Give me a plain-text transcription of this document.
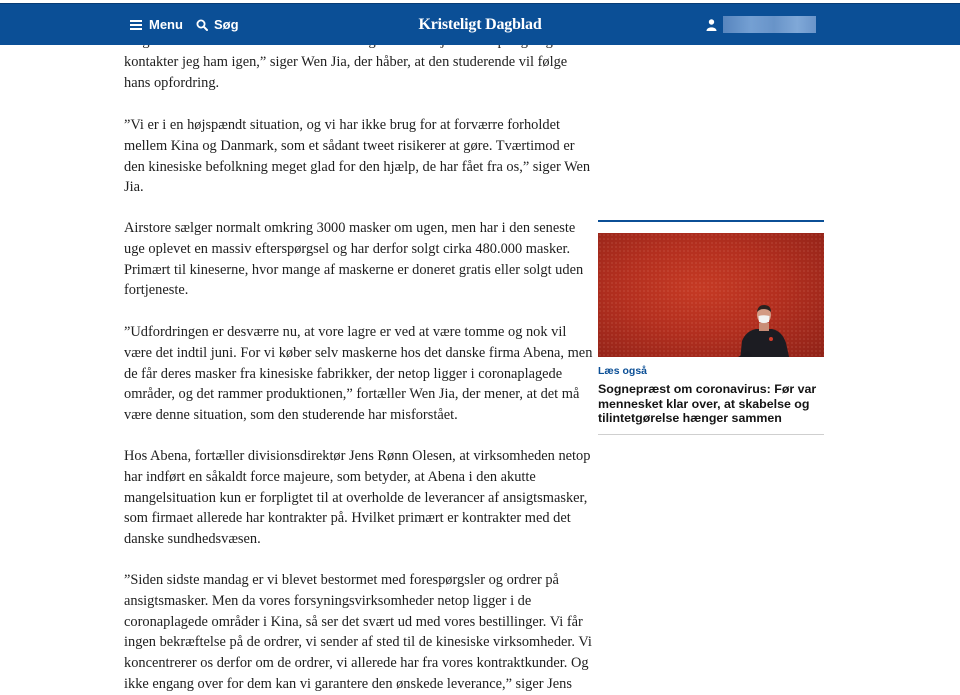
Menu Søg	Kristeligt Dagblad

kontakter jeg ham igen,” siger Wen Jia, der håber, at den studerende vil følge hans opfordring.

”Vi er i en højspændt situation, og vi har ikke brug for at forværre forholdet mellem Kina og Danmark, som et sådant tweet risikerer at gøre. Tværtimod er den kinesiske befolkning meget glad for den hjælp, de har fået fra os,” siger Wen Jia.

Airstore sælger normalt omkring 3000 masker om ugen, men har i den seneste uge oplevet en massiv efterspørgsel og har derfor solgt cirka 480.000 masker. Primært til kineserne, hvor mange af maskerne er doneret gratis eller solgt uden fortjeneste.

”Udfordringen er desværre nu, at vore lagre er ved at være tomme og nok vil være det indtil juni. For vi køber selv maskerne hos det danske firma Abena, men de får deres masker fra kinesiske fabrikker, der netop ligger i coronaplagede områder, og det rammer produktionen,” fortæller Wen Jia, der mener, at det må være denne situation, som den studerende har misforstået.

Hos Abena, fortæller divisionsdirektør Jens Rønn Olesen, at virksomheden netop har indført en såkaldt force majeure, som betyder, at Abena i den akutte mangelsituation kun er forpligtet til at overholde de leverancer af ansigtsmasker, som firmaet allerede har kontrakter på. Hvilket primært er kontrakter med det danske sundhedsvæsen.

”Siden sidste mandag er vi blevet bestormet med forespørgsler og ordrer på ansigtsmasker. Men da vores forsyningsvirksomheder netop ligger i de coronaplagede områder i Kina, så ser det svært ud med vores bestillinger. Vi får ingen bekræftelse på de ordrer, vi sender af sted til de kinesiske virksomheder. Vi koncentrerer os derfor om de ordrer, vi allerede har fra vores kontraktkunder. Og ikke engang over for dem kan vi garantere den ønskede leverance,” siger Jens

Læs også
Sognepræst om coronavirus: Før var mennesket klar over, at skabelse og tilintetgørelse hænger sammen
